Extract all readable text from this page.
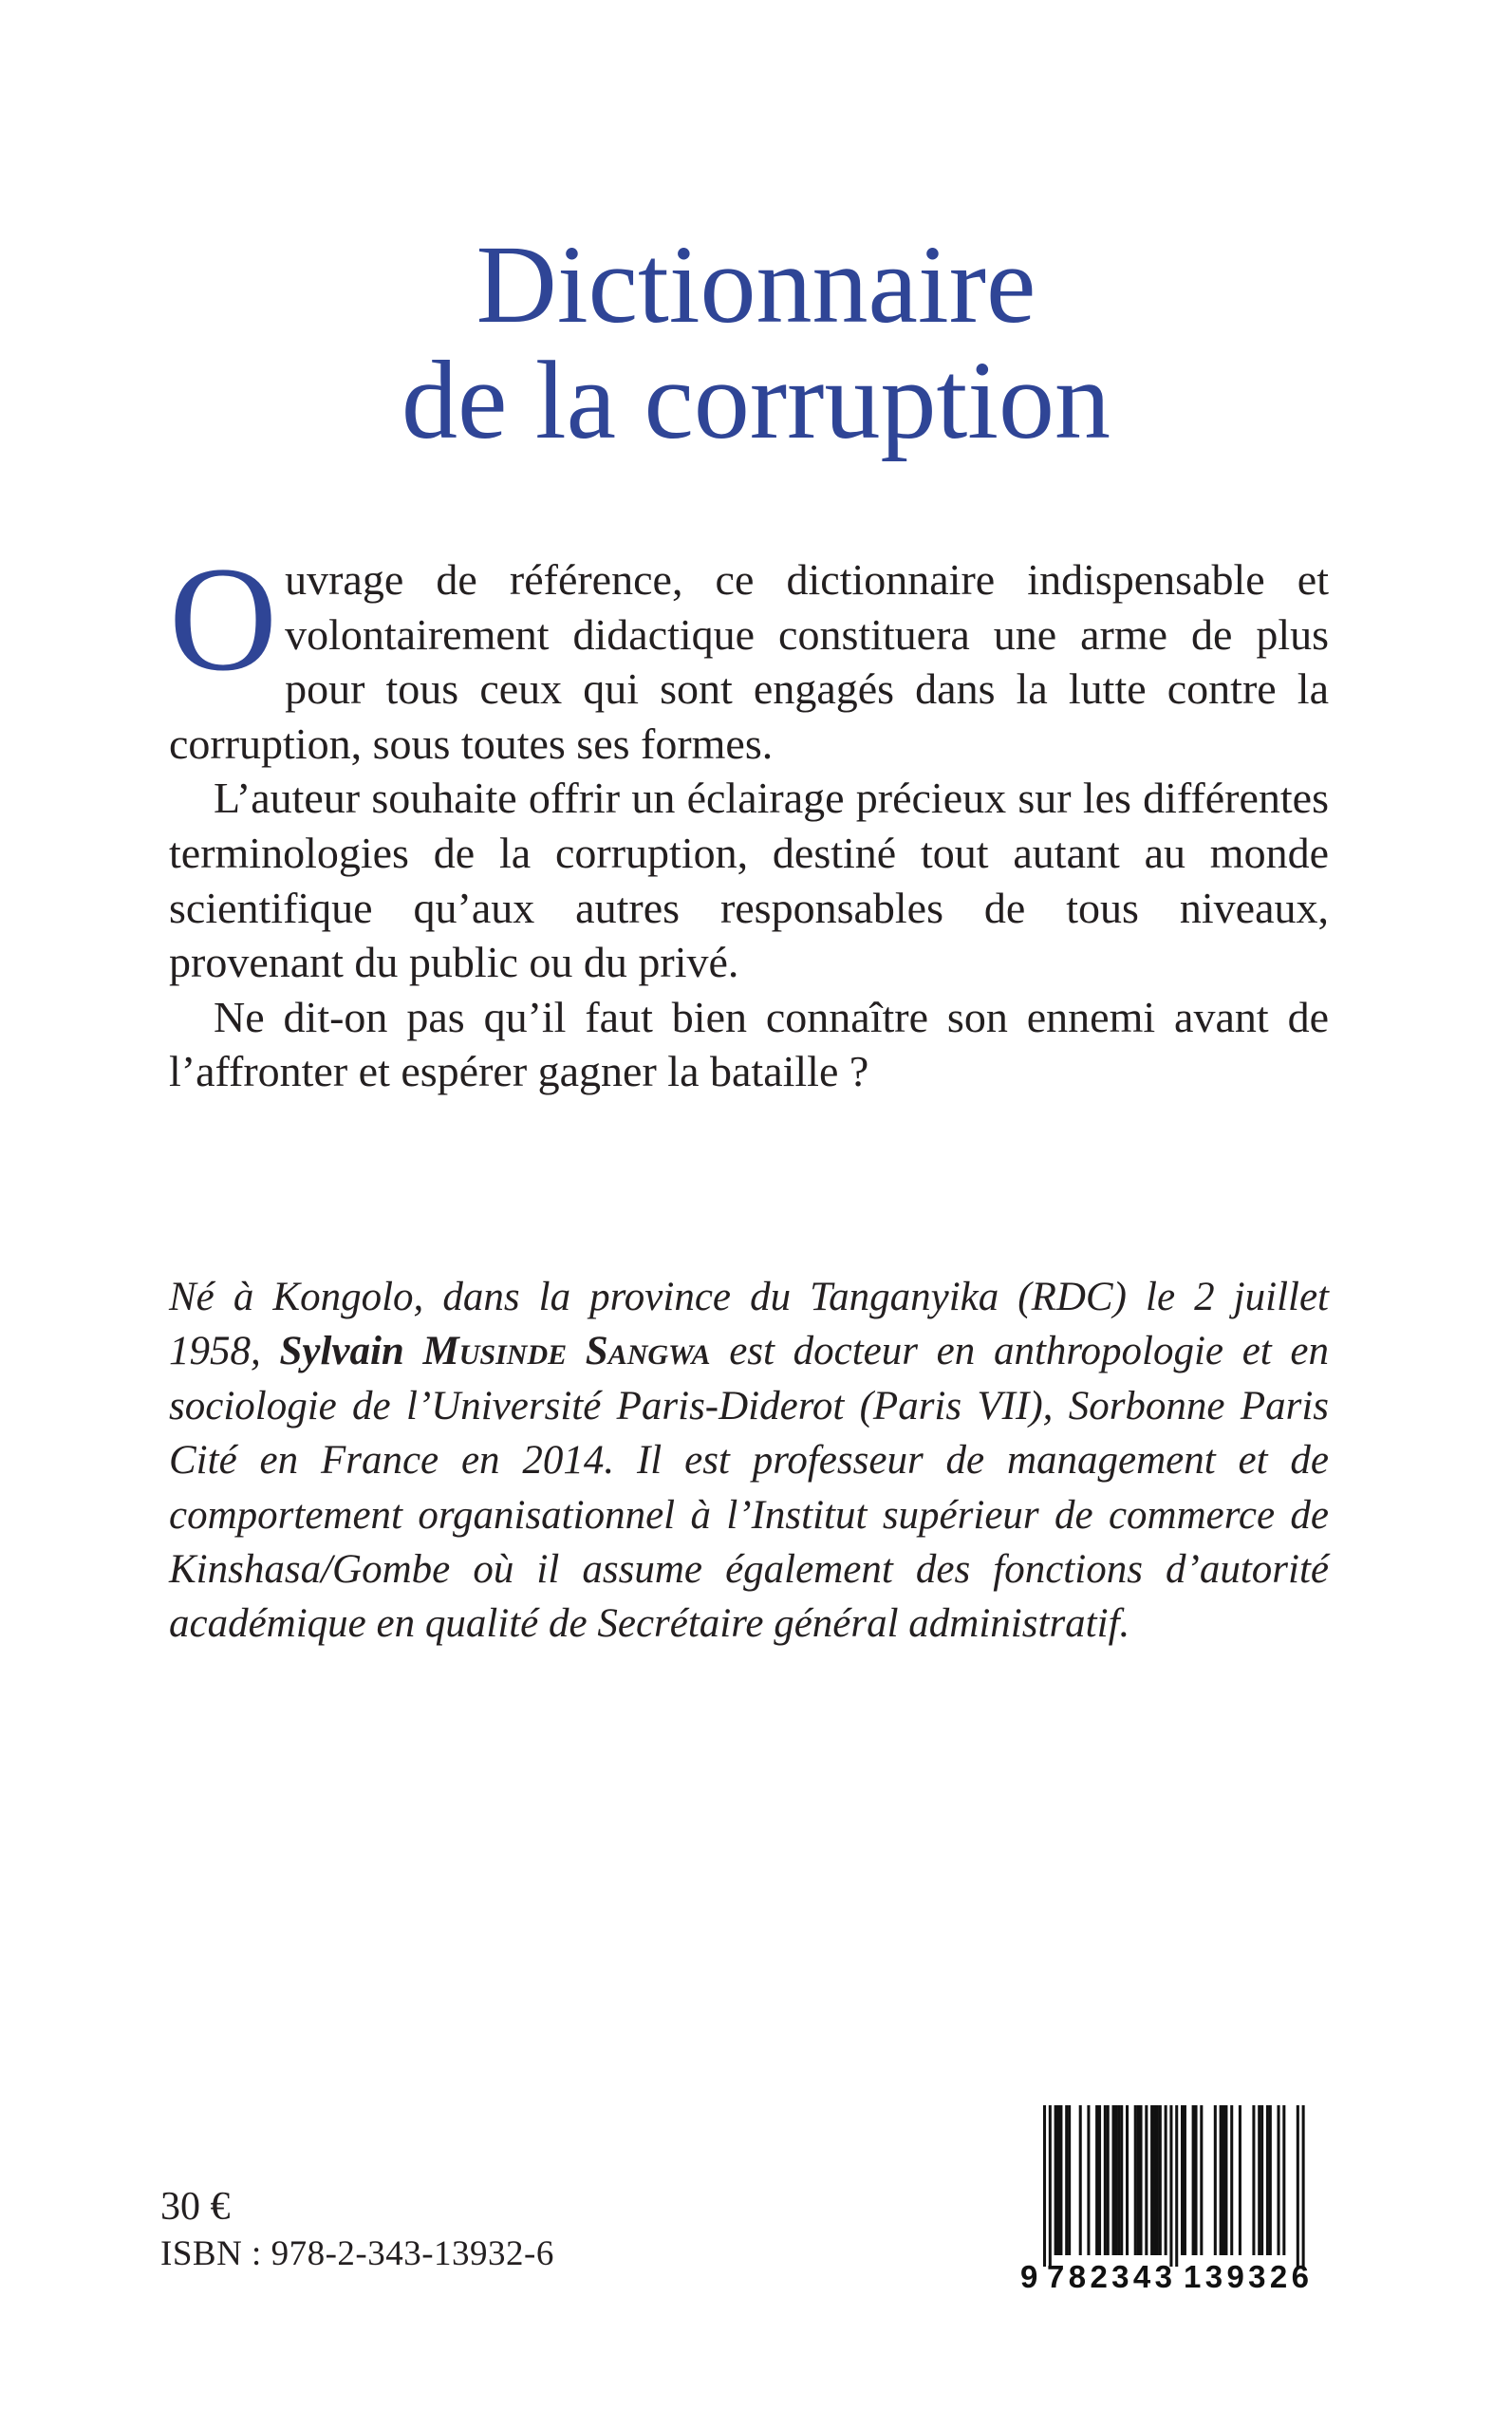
Dictionnaire
de la corruption

Ouvrage de référence, ce dictionnaire indispensable et volontairement didactique constituera une arme de plus pour tous ceux qui sont engagés dans la lutte contre la corruption, sous toutes ses formes.

L’auteur souhaite offrir un éclairage précieux sur les différentes terminologies de la corruption, destiné tout autant au monde scientifique qu’aux autres responsables de tous niveaux, provenant du public ou du privé.

Ne dit-on pas qu’il faut bien connaître son ennemi avant de l’affronter et espérer gagner la bataille ?

Né à Kongolo, dans la province du Tanganyika (RDC) le 2 juillet 1958, Sylvain Musinde Sangwa est docteur en anthropologie et en sociologie de l’Université Paris-Diderot (Paris VII), Sorbonne Paris Cité en France en 2014. Il est professeur de management et de comportement organisationnel à l’Institut supérieur de commerce de Kinshasa/Gombe où il assume également des fonctions d’autorité académique en qualité de Secrétaire général administratif.

30 €
ISBN : 978-2-343-13932-6
9 782343 139326
